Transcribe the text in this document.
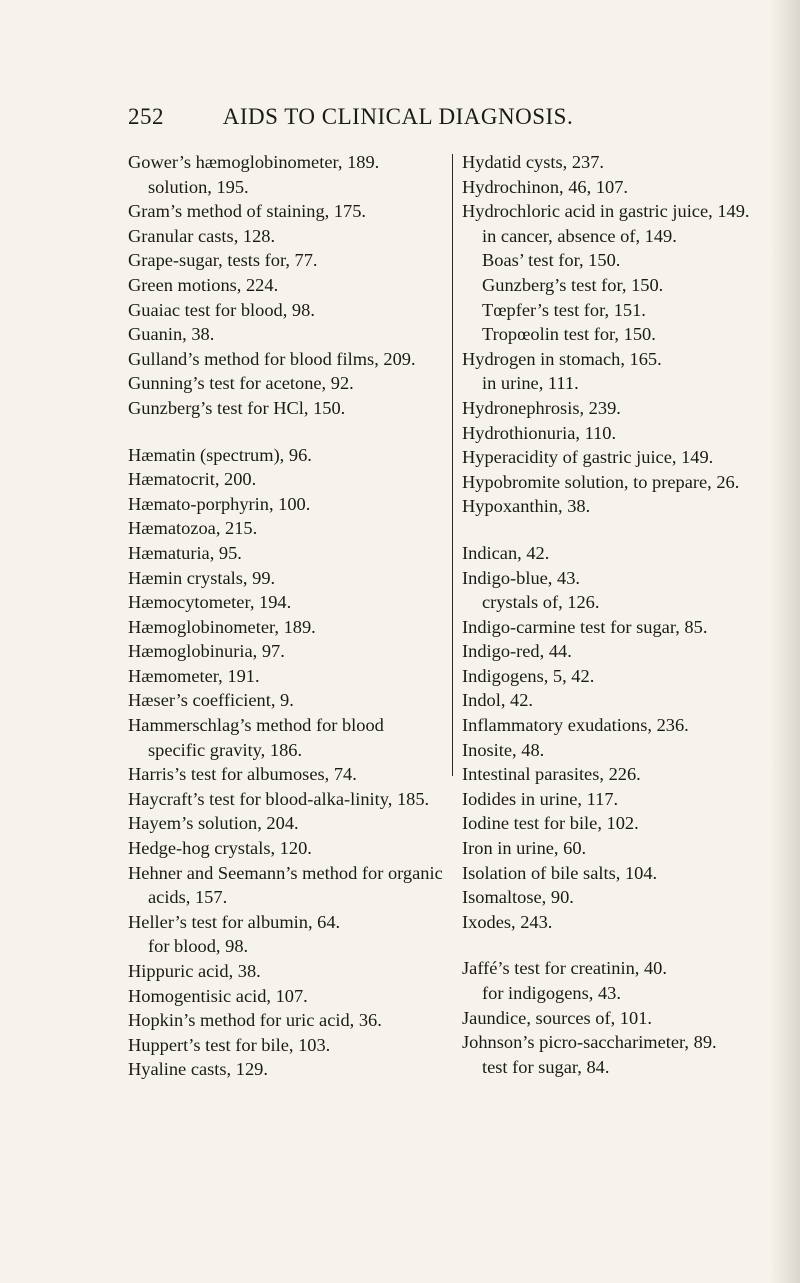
252	AIDS TO CLINICAL DIAGNOSIS.
Gower’s hæmoglobinometer, 189.
solution, 195.
Gram’s method of staining, 175.
Granular casts, 128.
Grape-sugar, tests for, 77.
Green motions, 224.
Guaiac test for blood, 98.
Guanin, 38.
Gulland’s method for blood films, 209.
Gunning’s test for acetone, 92.
Gunzberg’s test for HCl, 150.
Hæmatin (spectrum), 96.
Hæmatocrit, 200.
Hæmato-porphyrin, 100.
Hæmatozoa, 215.
Hæmaturia, 95.
Hæmin crystals, 99.
Hæmocytometer, 194.
Hæmoglobinometer, 189.
Hæmoglobinuria, 97.
Hæmometer, 191.
Hæser’s coefficient, 9.
Hammerschlag’s method for blood specific gravity, 186.
Harris’s test for albumoses, 74.
Haycraft’s test for blood-alka-linity, 185.
Hayem’s solution, 204.
Hedge-hog crystals, 120.
Hehner and Seemann’s method for organic acids, 157.
Heller’s test for albumin, 64.
for blood, 98.
Hippuric acid, 38.
Homogentisic acid, 107.
Hopkin’s method for uric acid, 36.
Huppert’s test for bile, 103.
Hyaline casts, 129.
Hydatid cysts, 237.
Hydrochinon, 46, 107.
Hydrochloric acid in gastric juice, 149.
in cancer, absence of, 149.
Boas’ test for, 150.
Gunzberg’s test for, 150.
Tœpfer’s test for, 151.
Tropœolin test for, 150.
Hydrogen in stomach, 165.
in urine, 111.
Hydronephrosis, 239.
Hydrothionuria, 110.
Hyperacidity of gastric juice, 149.
Hypobromite solution, to prepare, 26.
Hypoxanthin, 38.
Indican, 42.
Indigo-blue, 43.
crystals of, 126.
Indigo-carmine test for sugar, 85.
Indigo-red, 44.
Indigogens, 5, 42.
Indol, 42.
Inflammatory exudations, 236.
Inosite, 48.
Intestinal parasites, 226.
Iodides in urine, 117.
Iodine test for bile, 102.
Iron in urine, 60.
Isolation of bile salts, 104.
Isomaltose, 90.
Ixodes, 243.
Jaffé’s test for creatinin, 40.
for indigogens, 43.
Jaundice, sources of, 101.
Johnson’s picro-saccharimeter, 89.
test for sugar, 84.
